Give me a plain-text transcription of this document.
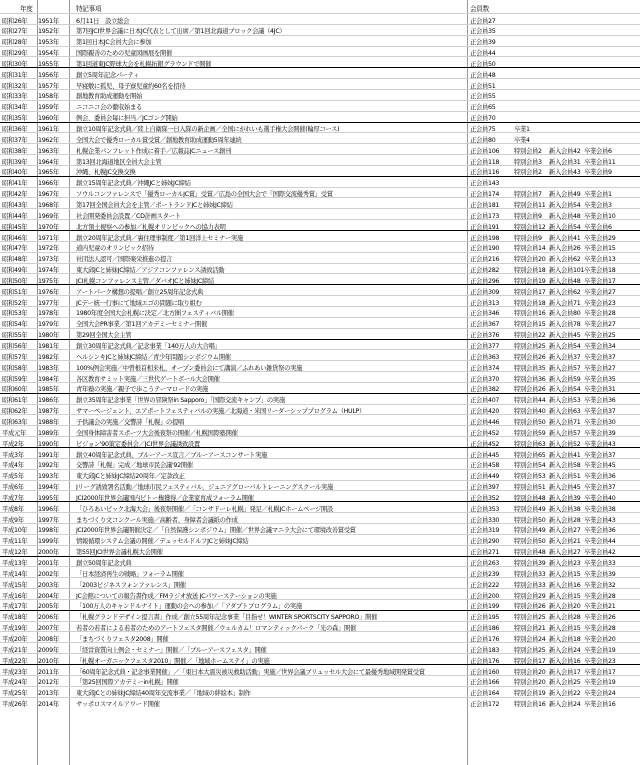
年度	特記事項	会員数
昭和26年	1951年	6月11日　設立総会	正会員27
昭和27年	1952年	第7回JCI世界会議に日本JC代表として出席／第1回北海道ブロック会議（4JC）	正会員35
昭和28年	1953年	第1回日本JC会員大会に参加	正会員39
昭和29年	1954年	国際親善のための児童図画展を開催	正会員44
昭和30年	1955年	第1回道東JC野球大会を札幌拓銀グラウンドで開催	正会員50
昭和31年	1956年	創立5周年記念パーティ	正会員48
昭和32年	1957年	早寝敷に孤児、母子寮児童約60名を招待	正会員51
昭和33年	1958年	創地教育助成運動を開始	正会員55
昭和34年	1959年	ニコニコ会の徹収始まる	正会員65
昭和35年	1960年	例会、委員会毎に担当／JCゴング開始	正会員70
昭和36年	1961年	創立10周年記念式典／陸上自衛隊一日入隊の新企画／全国にがれいも選手権大会開催(輪厚コース)	正会員75	卒業1
昭和37年	1962年	全国大会で優秀ローカル賞受賞／創地教育助成運動5周年連続	正会員80	卒業4
昭和38年	1963年	札幌企業パンフレット作成に着手／広報誌JCニュース創刊	正会員106	特別会員2	新入会員42 卒業会員6
昭和39年	1964年	第13回北海道地区全員大会主管	正会員118	特別会員3	新入会員31 卒業会員11
昭和40年	1965年	沖縄、札幌JC交換交換	正会員116	特別会員2	新入会員43 卒業会員9
昭和41年	1966年	創立15周年記念式典／沖縄JCと姉妹JC締結	正会員143
昭和42年	1967年	ソウルコンファレンスで「優秀ローカルJC賞」受賞／広島の全国大会で「国際交流優秀賞」受賞	正会員174	特別会員7	新入会員49 卒業会員1
昭和43年	1968年	第17回全国会員大会を主管／ポートランドJCと姉妹JC締結	正会員181	特別会員11 新入会員54 卒業会員3
昭和44年	1969年	社会開発委員会設置／CD計画スタート	正会員173	特別会員9	新入会員48 卒業会員10
昭和45年	1970年	北方領土視察への参加／札幌オリンピックへの協力表明	正会員191	特別会員12 新入会員54 卒業会員6
昭和46年	1971年	創立20周年記念式典／裏住理事制度／第1回洋上セミナー実施	正会員198	特別会員9	新入会員41 卒業会員29
昭和47年	1972年	道内児童のオリンピック招待	正会員190	特別会員14 新入会員26 卒業会員15
昭和48年	1973年	社団法人認可／国際楽栄推進の提言	正会員216	特別会員20 新入会員62 卒業会員13
昭和49年	1974年	東大邱JCと姉妹JC締結／アジアコンファレンス誘致活動	正会員282	特別会員18 新入会員101 卒業会員18
昭和50年	1975年	JCI札幌コンファレンス主管／ダバオJCと姉妹JC締結	正会員296	特別会員19 新入会員48 卒業会員17
昭和51年	1976年	アートパーク構想の提唱／創立25周年記念式典	正会員309	特別会員17 新入会員62 卒業会員27
昭和52年	1977年	JCデー統一行事にて地域エゴの問題に取り組む	正会員313	特別会員18 新入会員71 卒業会員23
昭和53年	1978年	1980年度全国大会札幌に決定／北方圏フェスティバル開催	正会員346	特別会員16 新入会員80 卒業会員28
昭和54年	1979年	全国大会PR事業／第1回アカデミーセミナー開催	正会員367	特別会員15 新入会員78 卒業会員27
昭和55年	1980年	第29回全国大会主管	正会員376	特別会員22 新入会員45 卒業会員25
昭和56年	1981年	創立30周年記念式典／記念事業「140万人の大合唱」	正会員377	特別会員25 新入会員54 卒業会員34
昭和57年	1982年	ヘルシンキJCと姉妹JC締結／青少年問題シンポジウム開催	正会員363	特別会員26 新入会員37 卒業会員37
昭和58年	1983年	100%例会実施／中曽根首相来札、オープン委員会にて講演／ふれあい雑貨祭の実施	正会員374	特別会員35 新入会員57 卒業会員27
昭和59年	1984年	各区教育サミット実施／三世代ゲートボール大会開催	正会員370	特別会員36 新入会員59 卒業会員35
昭和60年	1985年	青年塾の実施／親子で歩こうテーマロードの実施	正会員382	特別会員26 新入会員54 卒業会員31
昭和61年	1986年	創立35周年記念事業「世界の冒険祭in Sapporo」「国際交流キャンプ」の実施	正会員407	特別会員44 新入会員53 卒業会員36
昭和62年	1987年	サマーページェント、エアポートフェスティバルの実施／北海道・米国リーダーシッププログラム（HULP）	正会員420	特別会員40 新入会員63 卒業会員37
昭和63年	1988年	子供議会の実施／交響詩「札幌」の提唱	正会員446	特別会員50 新入会員71 卒業会員30
平成元年	1989年	全国身体障害者スポーツ大会後夜祭の開催／札幌国際塾開催	正会員452	特別会員59 新入会員57 卒業会員39
平成2年	1990年	ビジョン'90策定委員会／JCI世界会議誘致設置	正会員452	特別会員63 新入会員52 卒業会員43
平成3年	1991年	創立40周年記念式典、ブルーアース宣言／ブルーアースコンサート実施	正会員445	特別会員65 新入会員41 卒業会員37
平成4年	1992年	交響詩「札幌」完成／地球市民会議'92開催	正会員458	特別会員54 新入会員58 卒業会員45
平成5年	1993年	東大邱JCと姉妹JC締結20周年／定款改正	正会員449	特別会員53 新入会員51 卒業会員36
平成6年	1994年	Jリーグ誘致署名活動／地球市民フェスティバル、ジュニアグローバルトレーニングスクール実施	正会員397	特別会員51 新入会員45 卒業会員37
平成7年	1995年	JCI2000年世界会議国内ピトー権獲得／企業家育成フォーラム開催	正会員352	特別会員48 新入会員39 卒業会員40
平成8年	1996年	「ひろあいビック北海大会」後夜祭開催／「コンサドーレ札幌」発足／札幌JCホームページ開設	正会員353	特別会員49 新入会員38 卒業会員38
平成9年	1997年	まちづくり文コンクール実施／高齢者、身障者会議紙の作成	正会員330	特別会員50 新入会員28 卒業会員43
平成10年	1998年	JCI2000年世界会議開催決定／「自然保護シンポジウム」開催／世界会議マニラ大会にて環境改善賞受賞	正会員319	特別会員49 新入会員27 卒業会員36
平成11年	1999年	情報循環システム会議の開催／デュッセルドルフJCと姉妹JC締結	正会員290	特別会員50 新入会員21 卒業会員44
平成12年	2000年	第55回JCI世界会議札幌大会開催	正会員271	特別会員48 新入会員27 卒業会員42
平成13年	2001年	創立50周年記念式典	正会員263	特別会員39 新入会員23 卒業会員33
平成14年	2002年	「日本経済再生の戦略」フォーラム開催	正会員239	特別会員33 新入会員15 卒業会員39
平成15年	2003年	「2003ビジネスフォンファレンス」開催	正会員222	特別会員33 新入会員16 卒業会員32
平成16年	2004年	JC会館についての報告書作成／FMラジオ放送 JCパワーステーションの実施	正会員200	特別会員29 新入会員15 卒業会員28
平成17年	2005年	「100万人のキャンドルナイト」運動の会への参加／「アダプトプログラム」の実施	正会員199	特別会員26 新入会員20 卒業会員21
平成18年	2006年	「札幌グランドデザイン提言書」作成／創立55周年記念事業「目指せ！WINTER SPORTSCITY SAPPORO」開催	正会員195	特別会員25 新入会員28 卒業会員26
平成19年	2007年	若者の若者による若者のためのアートフェスタ開催／ウェルカム！ロマンティックパーク「光の森」開催	正会員186	特別会員21 新入会員15 卒業会員28
平成20年	2008年	「まちづくりフェスタ2008」開催	正会員176	特別会員24 新入会員18 卒業会員20
平成21年	2009年	「経営資質向上例会・セミナー」開催／「ブルーアースフェスタ」開催	正会員183	特別会員25 新入会員24 卒業会員19
平成22年	2010年	「札幌オーガニックフェスタ2010」開催／「地域ホームステイ」の実施	正会員176	特別会員17 新入会員16 卒業会員23
平成23年	2011年	「60周年記念式典・記念事業開催」／「東日本大震災被災救助活動」実施／世界会議ブリュッセル大会にて最優秀地域開発賞受賞	正会員160	特別会員20 新入会員17 卒業会員17
平成24年	2012年	「第25回国際アカデミーin札幌」開催	正会員166	特別会員20 新入会員25 卒業会員19
平成25年	2013年	東大邱JCとの姉妹JC締結40周年交流事業／「地域の絆絵本」制作	正会員164	特別会員19 新入会員22 卒業会員24
平成26年	2014年	サッポロスマイルアワード開催	正会員172	特別会員16 新入会員24 卒業会員16
